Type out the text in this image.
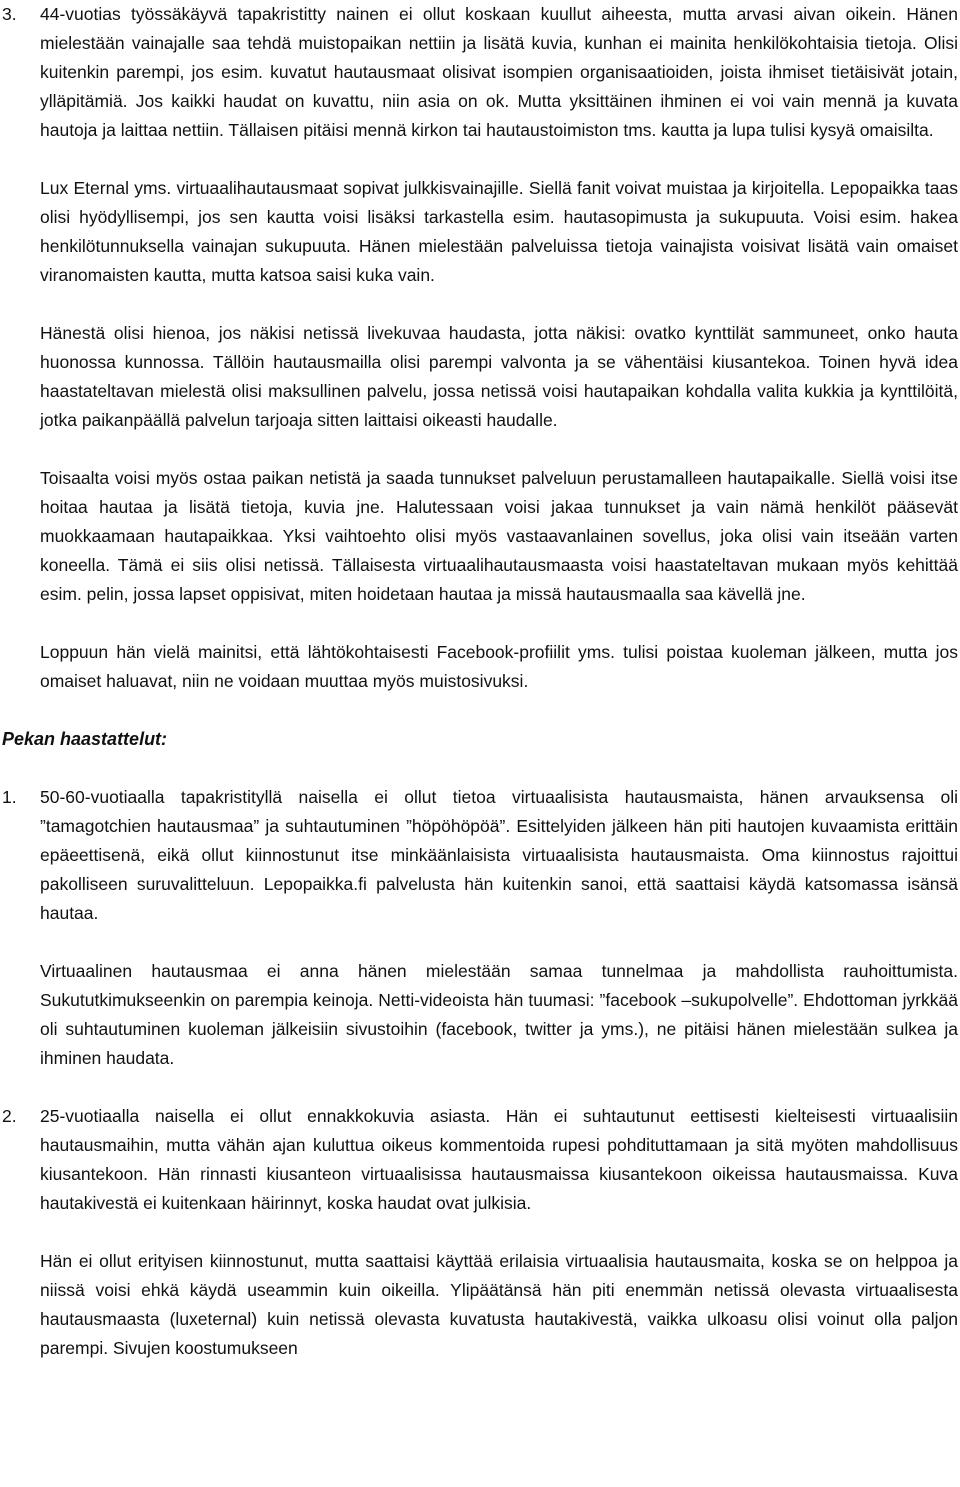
3. 44-vuotias työssäkäyvä tapakristitty nainen ei ollut koskaan kuullut aiheesta, mutta arvasi aivan oikein. Hänen mielestään vainajalle saa tehdä muistopaikan nettiin ja lisätä kuvia, kunhan ei mainita henkilökohtaisia tietoja. Olisi kuitenkin parempi, jos esim. kuvatut hautausmaat olisivat isompien organisaatioiden, joista ihmiset tietäisivät jotain, ylläpitämiä. Jos kaikki haudat on kuvattu, niin asia on ok. Mutta yksittäinen ihminen ei voi vain mennä ja kuvata hautoja ja laittaa nettiin. Tällaisen pitäisi mennä kirkon tai hautaustoimiston tms. kautta ja lupa tulisi kysyä omaisilta.

Lux Eternal yms. virtuaalihautausmaat sopivat julkkisvainajille. Siellä fanit voivat muistaa ja kirjoitella. Lepopaikka taas olisi hyödyllisempi, jos sen kautta voisi lisäksi tarkastella esim. hautasopimusta ja sukupuuta. Voisi esim. hakea henkilötunnuksella vainajan sukupuuta. Hänen mielestään palveluissa tietoja vainajista voisivat lisätä vain omaiset viranomaisten kautta, mutta katsoa saisi kuka vain.

Hänestä olisi hienoa, jos näkisi netissä livekuvaa haudasta, jotta näkisi: ovatko kynttilät sammuneet, onko hauta huonossa kunnossa. Tällöin hautausmailla olisi parempi valvonta ja se vähentäisi kiusantekoa. Toinen hyvä idea haastateltavan mielestä olisi maksullinen palvelu, jossa netissä voisi hautapaikan kohdalla valita kukkia ja kynttilöitä, jotka paikanpäällä palvelun tarjoaja sitten laittaisi oikeasti haudalle.

Toisaalta voisi myös ostaa paikan netistä ja saada tunnukset palveluun perustamalleen hautapaikalle. Siellä voisi itse hoitaa hautaa ja lisätä tietoja, kuvia jne. Halutessaan voisi jakaa tunnukset ja vain nämä henkilöt pääsevät muokkaamaan hautapaikkaa. Yksi vaihtoehto olisi myös vastaavanlainen sovellus, joka olisi vain itseään varten koneella. Tämä ei siis olisi netissä. Tällaisesta virtuaalihautausmaasta voisi haastateltavan mukaan myös kehittää esim. pelin, jossa lapset oppisivat, miten hoidetaan hautaa ja missä hautausmaalla saa kävellä jne.

Loppuun hän vielä mainitsi, että lähtökohtaisesti Facebook-profiilit yms. tulisi poistaa kuoleman jälkeen, mutta jos omaiset haluavat, niin ne voidaan muuttaa myös muistosivuksi.

Pekan haastattelut:

1. 50-60-vuotiaalla tapakristityllä naisella ei ollut tietoa virtuaalisista hautausmaista, hänen arvauksensa oli ”tamagotchien hautausmaa” ja suhtautuminen ”höpöhöpöä”. Esittelyiden jälkeen hän piti hautojen kuvaamista erittäin epäeettisenä, eikä ollut kiinnostunut itse minkäänlaisista virtuaalisista hautausmaista. Oma kiinnostus rajoittui pakolliseen suruvalitteluun. Lepopaikka.fi palvelusta hän kuitenkin sanoi, että saattaisi käydä katsomassa isänsä hautaa.

Virtuaalinen hautausmaa ei anna hänen mielestään samaa tunnelmaa ja mahdollista rauhoittumista. Sukututkimukseenkin on parempia keinoja. Netti-videoista hän tuumasi: ”facebook –sukupolvelle”. Ehdottoman jyrkkää oli suhtautuminen kuoleman jälkeisiin sivustoihin (facebook, twitter ja yms.), ne pitäisi hänen mielestään sulkea ja ihminen haudata.

2. 25-vuotiaalla naisella ei ollut ennakkokuvia asiasta. Hän ei suhtautunut eettisesti kielteisesti virtuaalisiin hautausmaihin, mutta vähän ajan kuluttua oikeus kommentoida rupesi pohdituttamaan ja sitä myöten mahdollisuus kiusantekoon. Hän rinnasti kiusanteon virtuaalisissa hautausmaissa kiusantekoon oikeissa hautausmaissa. Kuva hautakivestä ei kuitenkaan häirinnyt, koska haudat ovat julkisia.

Hän ei ollut erityisen kiinnostunut, mutta saattaisi käyttää erilaisia virtuaalisia hautausmaita, koska se on helppoa ja niissä voisi ehkä käydä useammin kuin oikeilla. Ylipäätänsä hän piti enemmän netissä olevasta virtuaalisesta hautausmaasta (luxeternal) kuin netissä olevasta kuvatusta hautakivestä, vaikka ulkoasu olisi voinut olla paljon parempi. Sivujen koostumukseen
